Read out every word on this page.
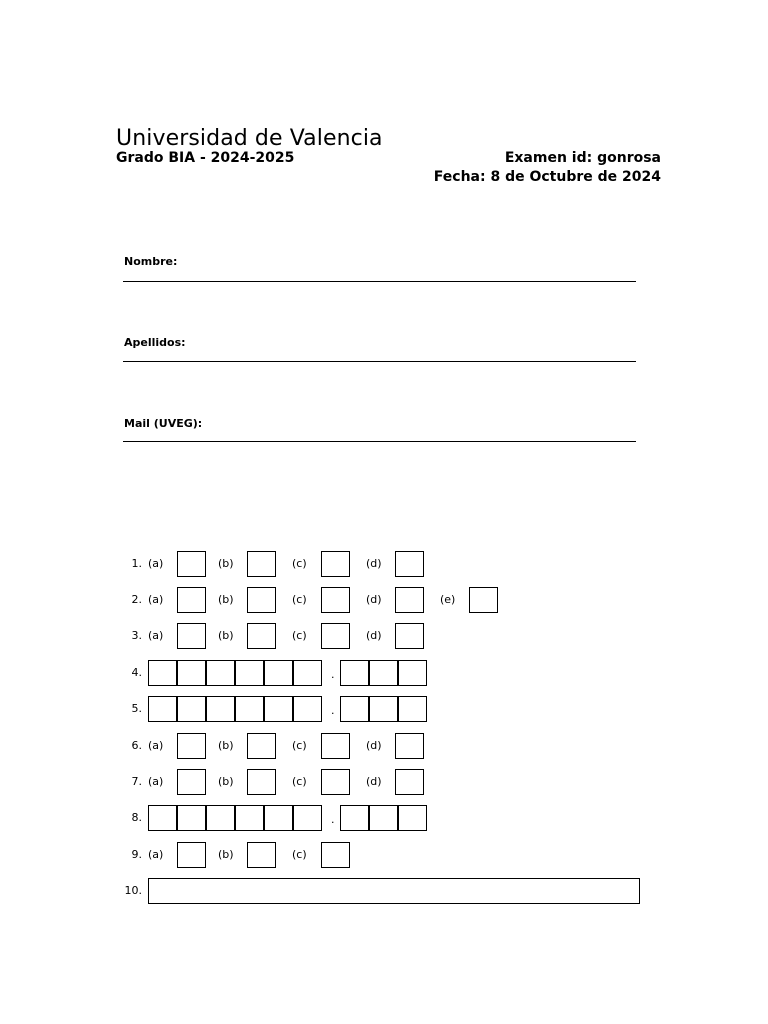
Universidad de Valencia
Grado BIA - 2024-2025	Examen id: gonrosa
Fecha: 8 de Octubre de 2024
Nombre:
Apellidos:
Mail (UVEG):
1. (a)	(b)	(c)	(d)
2. (a)	(b)	(c)	(d)	(e)
3. (a)	(b)	(c)	(d)
4.	.
5.	.
6. (a)	(b)	(c)	(d)
7. (a)	(b)	(c)	(d)
8.	.
9. (a)	(b)	(c)
10.
